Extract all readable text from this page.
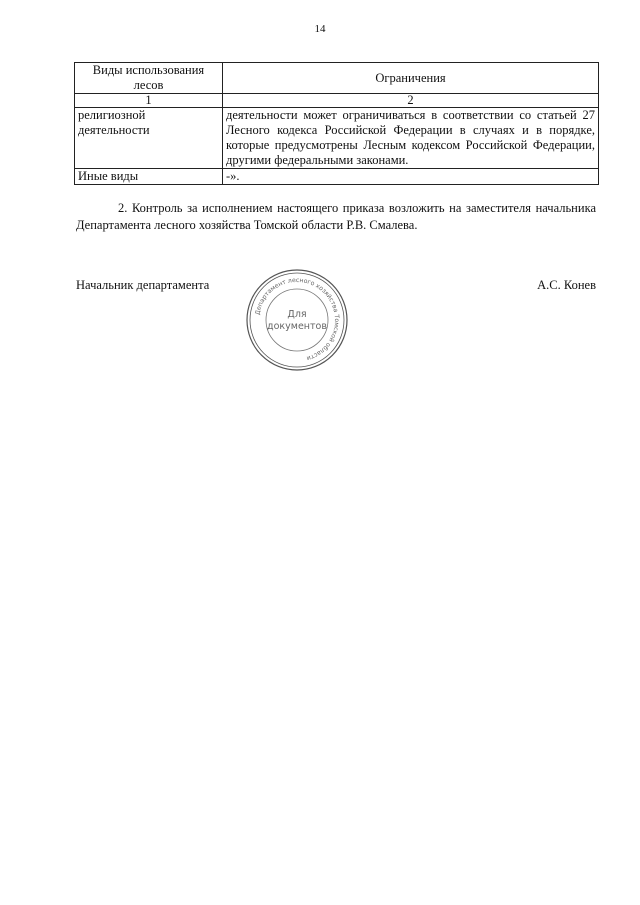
14
Виды использования лесов	Ограничения
1	2
религиозной деятельности	деятельности может ограничиваться в соответствии со статьей 27 Лесного кодекса Российской Федерации в случаях и в порядке, которые предусмотрены Лесным кодексом Российской Федерации, другими федеральными законами.
Иные виды	-».
2. Контроль за исполнением настоящего приказа возложить на заместителя начальника Департамента лесного хозяйства Томской области Р.В. Смалева.
Начальник департамента	А.С. Конев
Департамент лесного хозяйства Томской области
Для
документов
